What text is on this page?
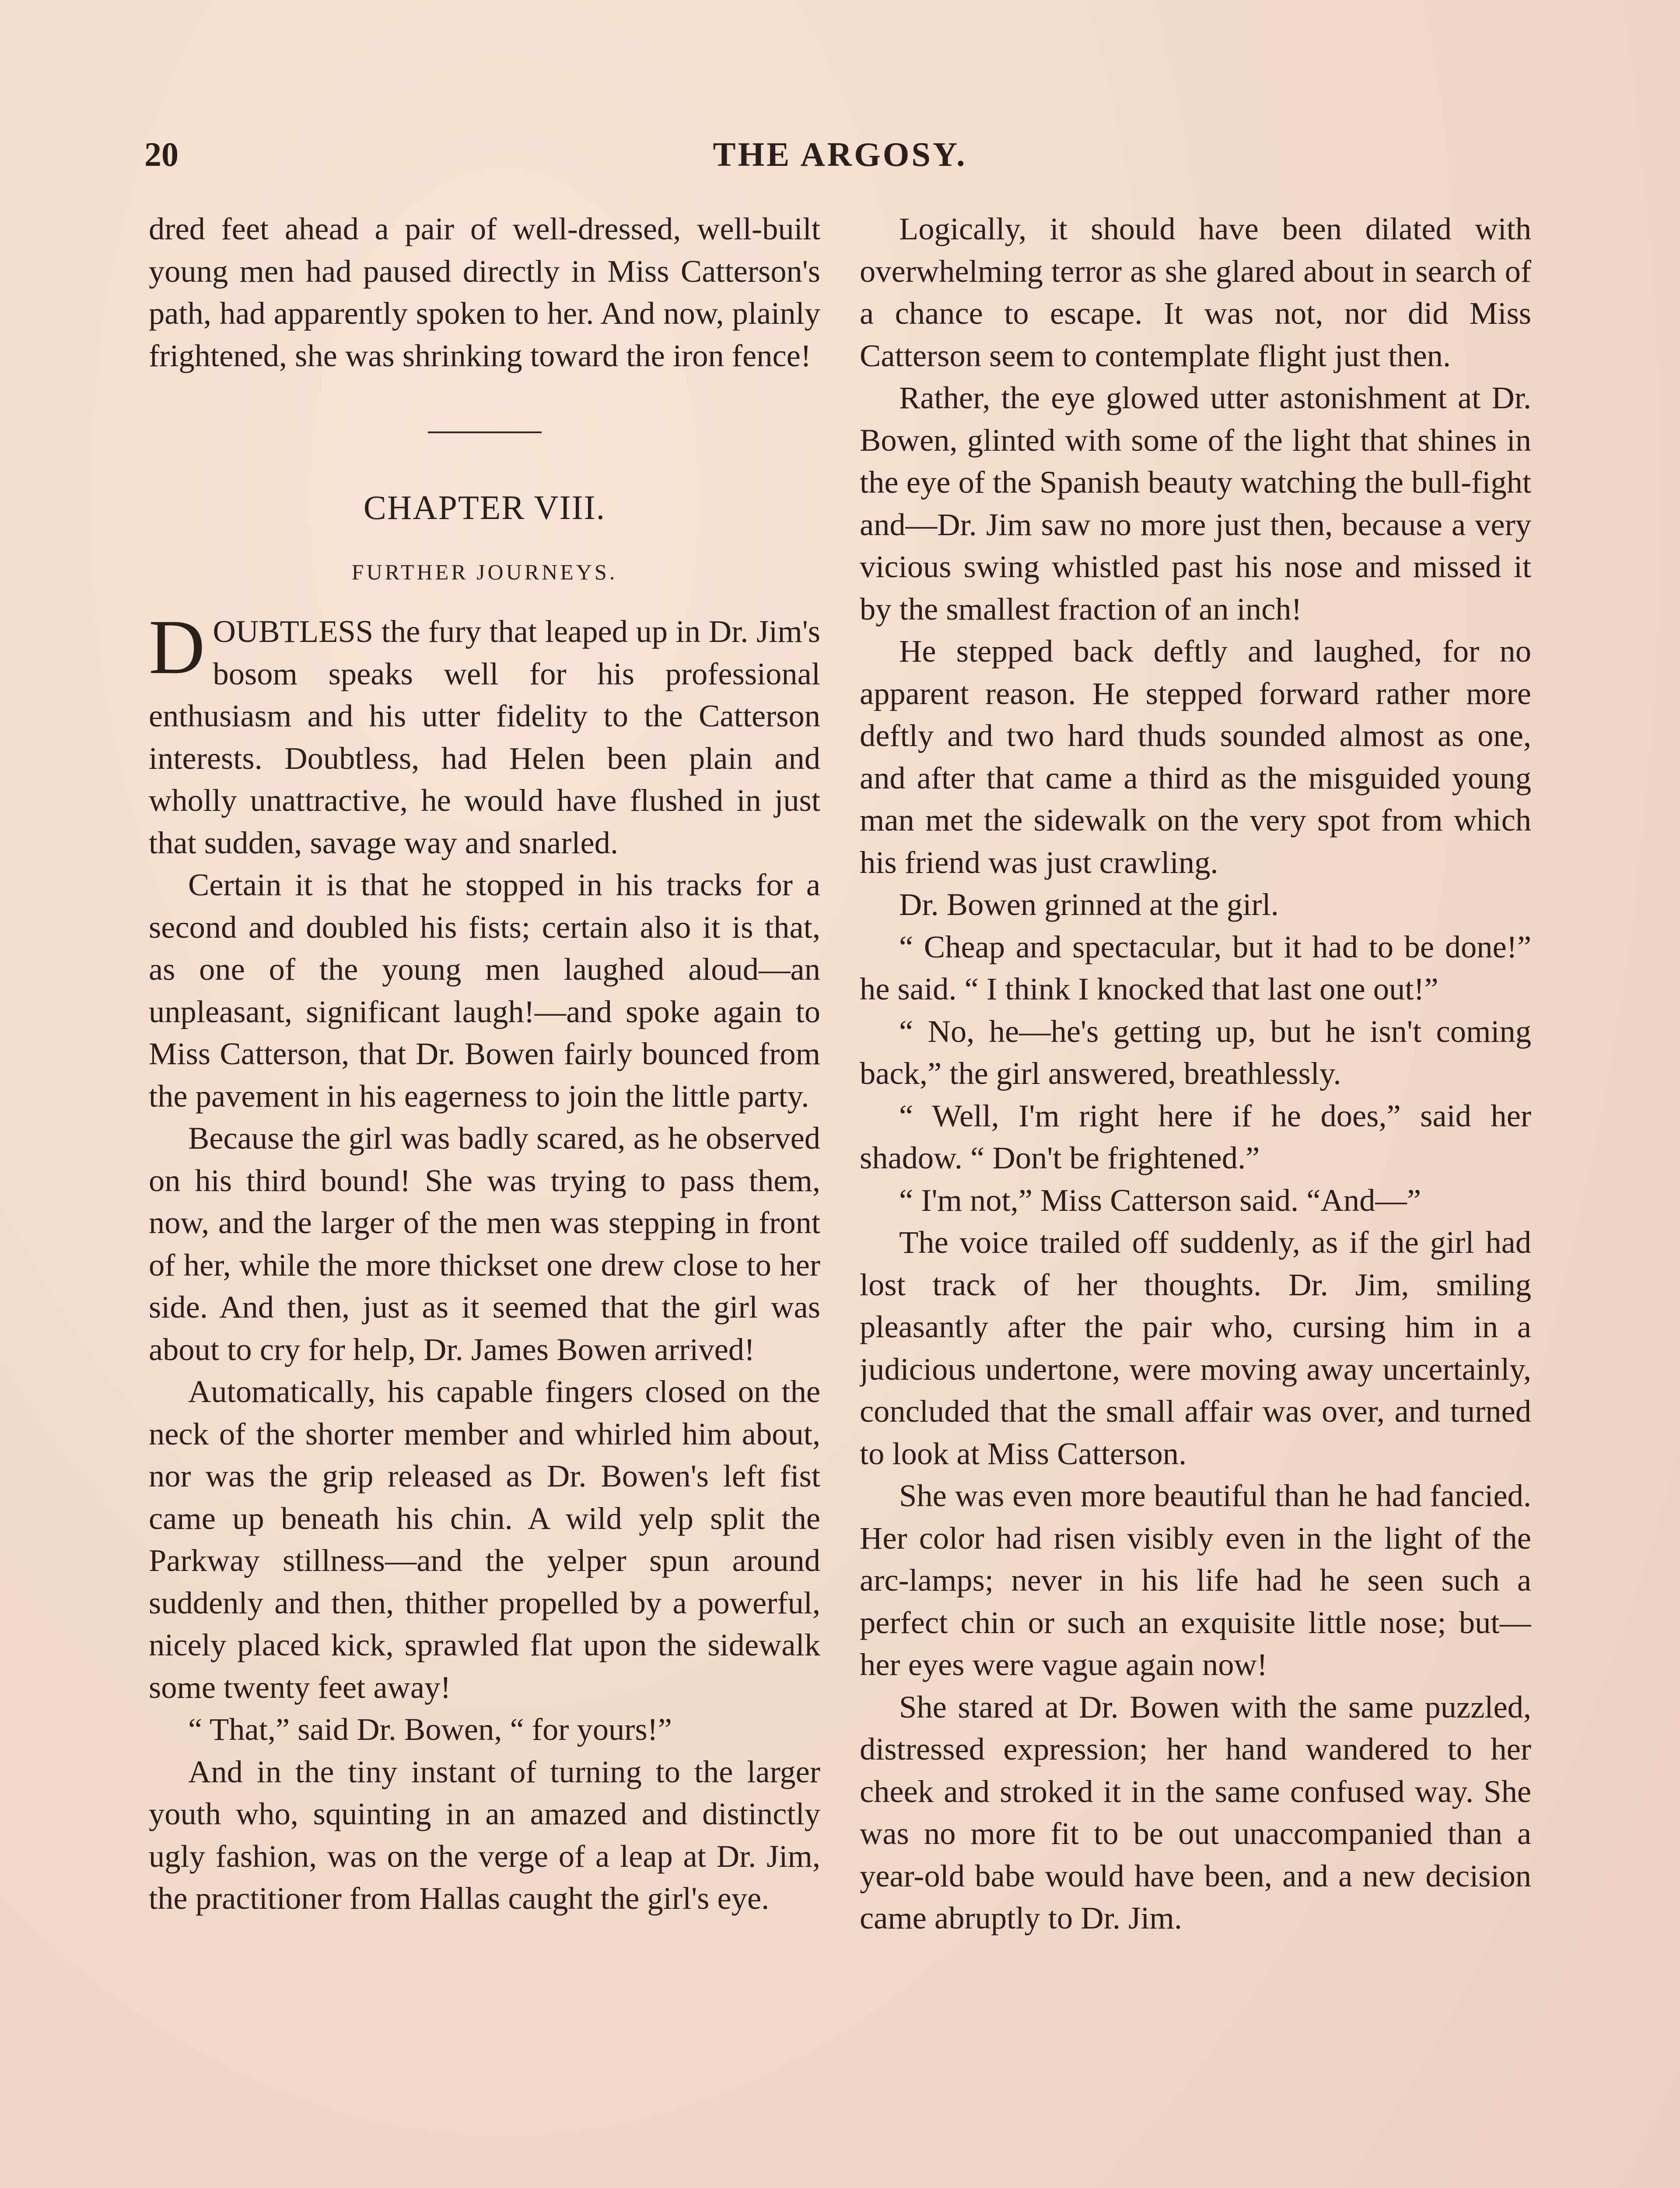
20	THE ARGOSY.

dred feet ahead a pair of well-dressed, well-built young men had paused directly in Miss Catterson's path, had apparently spoken to her. And now, plainly frightened, she was shrinking toward the iron fence!

CHAPTER VIII.
FURTHER JOURNEYS.

DOUBTLESS the fury that leaped up in Dr. Jim's bosom speaks well for his professional enthusiasm and his utter fidelity to the Catterson interests. Doubtless, had Helen been plain and wholly unattractive, he would have flushed in just that sudden, savage way and snarled.

Certain it is that he stopped in his tracks for a second and doubled his fists; certain also it is that, as one of the young men laughed aloud—an unpleasant, significant laugh!—and spoke again to Miss Catterson, that Dr. Bowen fairly bounced from the pavement in his eagerness to join the little party.

Because the girl was badly scared, as he observed on his third bound! She was trying to pass them, now, and the larger of the men was stepping in front of her, while the more thickset one drew close to her side. And then, just as it seemed that the girl was about to cry for help, Dr. James Bowen arrived!

Automatically, his capable fingers closed on the neck of the shorter member and whirled him about, nor was the grip released as Dr. Bowen's left fist came up beneath his chin. A wild yelp split the Parkway stillness—and the yelper spun around suddenly and then, thither propelled by a powerful, nicely placed kick, sprawled flat upon the sidewalk some twenty feet away!

“ That,” said Dr. Bowen, “ for yours!”

And in the tiny instant of turning to the larger youth who, squinting in an amazed and distinctly ugly fashion, was on the verge of a leap at Dr. Jim, the practitioner from Hallas caught the girl's eye.

Logically, it should have been dilated with overwhelming terror as she glared about in search of a chance to escape. It was not, nor did Miss Catterson seem to contemplate flight just then.

Rather, the eye glowed utter astonishment at Dr. Bowen, glinted with some of the light that shines in the eye of the Spanish beauty watching the bull-fight and—Dr. Jim saw no more just then, because a very vicious swing whistled past his nose and missed it by the smallest fraction of an inch!

He stepped back deftly and laughed, for no apparent reason. He stepped forward rather more deftly and two hard thuds sounded almost as one, and after that came a third as the misguided young man met the sidewalk on the very spot from which his friend was just crawling.

Dr. Bowen grinned at the girl.

“ Cheap and spectacular, but it had to be done!” he said. “ I think I knocked that last one out!”

“ No, he—he's getting up, but he isn't coming back,” the girl answered, breathlessly.

“ Well, I'm right here if he does,” said her shadow. “ Don't be frightened.”

“ I'm not,” Miss Catterson said. “And—”

The voice trailed off suddenly, as if the girl had lost track of her thoughts. Dr. Jim, smiling pleasantly after the pair who, cursing him in a judicious undertone, were moving away uncertainly, concluded that the small affair was over, and turned to look at Miss Catterson.

She was even more beautiful than he had fancied. Her color had risen visibly even in the light of the arc-lamps; never in his life had he seen such a perfect chin or such an exquisite little nose; but—her eyes were vague again now!

She stared at Dr. Bowen with the same puzzled, distressed expression; her hand wandered to her cheek and stroked it in the same confused way. She was no more fit to be out unaccompanied than a year-old babe would have been, and a new decision came abruptly to Dr. Jim.
